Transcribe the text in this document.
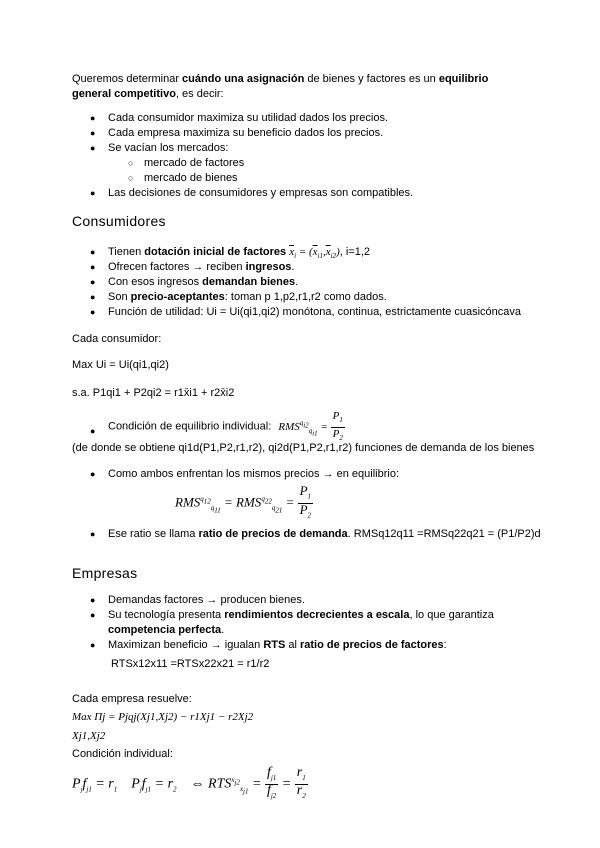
Queremos determinar cuándo una asignación de bienes y factores es un equilibrio
general competitivo, es decir:
● Cada consumidor maximiza su utilidad dados los precios.
● Cada empresa maximiza su beneficio dados los precios.
● Se vacían los mercados:
○ mercado de factores
○ mercado de bienes
● Las decisiones de consumidores y empresas son compatibles.
Consumidores
● Tienen dotación inicial de factores $\overline{x}_i = (\overline{x}_{i1},\overline{x}_{i2})$, i=1,2
● Ofrecen factores → reciben ingresos.
● Con esos ingresos demandan bienes.
● Son precio-aceptantes: toman p 1,p2,r1,r2 como dados.
● Función de utilidad: Ui = Ui(qi1,qi2) monótona, continua, estrictamente cuasicóncava
Cada consumidor:
Max Ui = Ui(qi1,qi2)
s.a. P1qi1 + P2qi2 = r1x̄i1 + r2x̄i2
● Condición de equilibrio individual: $RMS^{q_{i2}}_{q_{i1}} = \frac{P_1}{P_2}$
(de donde se obtiene qi1d(P1,P2,r1,r2), qi2d(P1,P2,r1,r2) funciones de demanda de los bienes
● Como ambos enfrentan los mismos precios → en equilibrio:
$RMS^{q_{12}}_{q_{11}} = RMS^{q_{22}}_{q_{21}} = \frac{P_1}{P_2}$
● Ese ratio se llama ratio de precios de demanda. RMSq12q11 =RMSq22q21 = (P1/P2)d
Empresas
● Demandas factores → producen bienes.
● Su tecnología presenta rendimientos decrecientes a escala, lo que garantiza
competencia perfecta.
● Maximizan beneficio → igualan RTS al ratio de precios de factores:
RTSx12x11 =RTSx22x21 = r1/r2
Cada empresa resuelve:
Max Πj = Pjqj(Xj1,Xj2) − r1Xj1 − r2Xj2
Xj1,Xj2
Condición individual:
$P_jf_{j1} = r_1$    $P_jf_{j1} = r_2$    ⇔ $RTS^{x_{j2}}_{x_{j1}} = \frac{f_{j1}}{f_{j2}} = \frac{r_1}{r_2}$
